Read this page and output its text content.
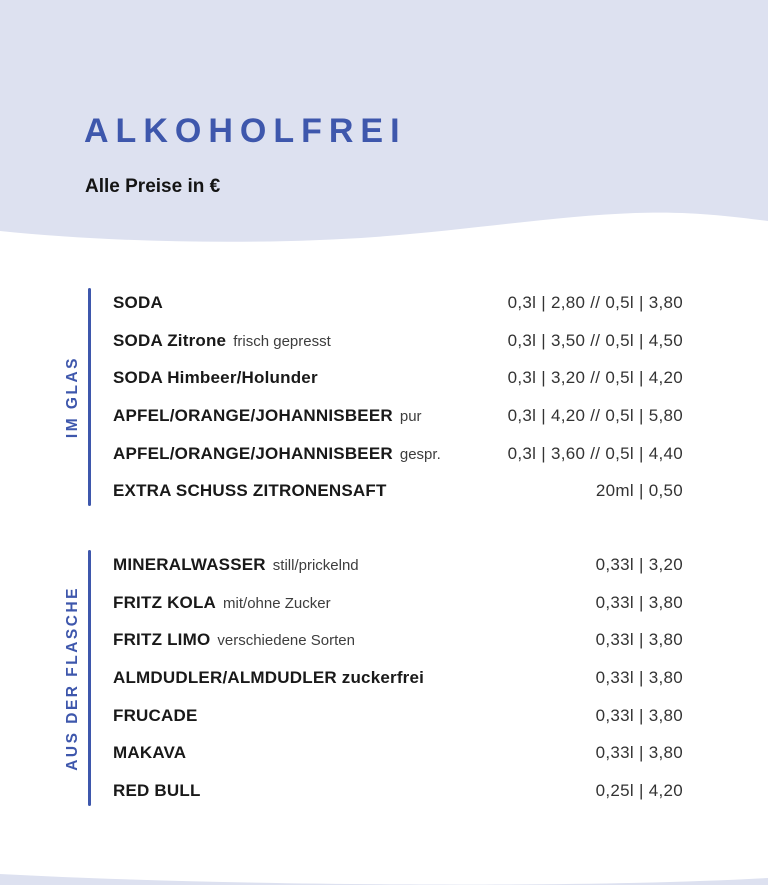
ALKOHOLFREI
Alle Preise in €
IM GLAS
SODA	0,3l | 2,80 // 0,5l | 3,80
SODA Zitrone frisch gepresst	0,3l | 3,50 // 0,5l | 4,50
SODA Himbeer/Holunder	0,3l | 3,20 // 0,5l | 4,20
APFEL/ORANGE/JOHANNISBEER pur	0,3l | 4,20 // 0,5l | 5,80
APFEL/ORANGE/JOHANNISBEER gespr.	0,3l | 3,60 // 0,5l | 4,40
EXTRA SCHUSS ZITRONENSAFT	20ml | 0,50
AUS DER FLASCHE
MINERALWASSER still/prickelnd	0,33l | 3,20
FRITZ KOLA mit/ohne Zucker	0,33l | 3,80
FRITZ LIMO verschiedene Sorten	0,33l | 3,80
ALMDUDLER/ALMDUDLER zuckerfrei	0,33l | 3,80
FRUCADE	0,33l | 3,80
MAKAVA	0,33l | 3,80
RED BULL	0,25l | 4,20
